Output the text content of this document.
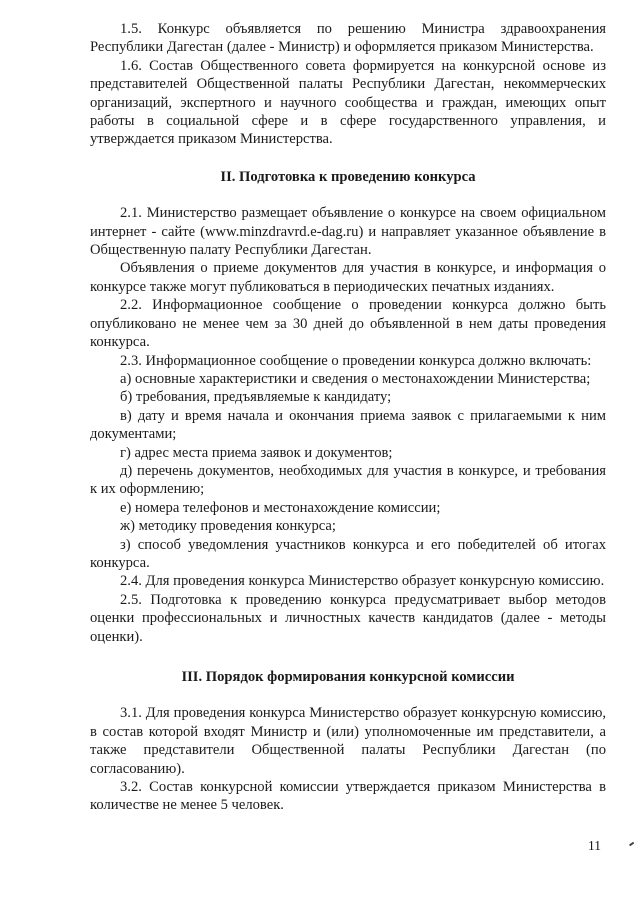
1.5. Конкурс объявляется по решению Министра здравоохранения Республики Дагестан (далее - Министр) и оформляется приказом Министерства.

1.6. Состав Общественного совета формируется на конкурсной основе из представителей Общественной палаты Республики Дагестан, некоммерческих организаций, экспертного и научного сообщества и граждан, имеющих опыт работы в социальной сфере и в сфере государственного управления, и утверждается приказом Министерства.

II. Подготовка к проведению конкурса

2.1. Министерство размещает объявление о конкурсе на своем официальном интернет - сайте (www.minzdravrd.e-dag.ru) и направляет указанное объявление в Общественную палату Республики Дагестан.

Объявления о приеме документов для участия в конкурсе, и информация о конкурсе также могут публиковаться в периодических печатных изданиях.

2.2. Информационное сообщение о проведении конкурса должно быть опубликовано не менее чем за 30 дней до объявленной в нем даты проведения конкурса.

2.3. Информационное сообщение о проведении конкурса должно включать:

а) основные характеристики и сведения о местонахождении Министерства;

б) требования, предъявляемые к кандидату;

в) дату и время начала и окончания приема заявок с прилагаемыми к ним документами;

г) адрес места приема заявок и документов;

д) перечень документов, необходимых для участия в конкурсе, и требования к их оформлению;

е) номера телефонов и местонахождение комиссии;

ж) методику проведения конкурса;

з) способ уведомления участников конкурса и его победителей об итогах конкурса.

2.4. Для проведения конкурса Министерство образует конкурсную комиссию.

2.5. Подготовка к проведению конкурса предусматривает выбор методов оценки профессиональных и личностных качеств кандидатов (далее - методы оценки).

III. Порядок формирования конкурсной комиссии

3.1. Для проведения конкурса Министерство образует конкурсную комиссию, в состав которой входят Министр и (или) уполномоченные им представители, а также представители Общественной палаты Республики Дагестан (по согласованию).

3.2. Состав конкурсной комиссии утверждается приказом Министерства в количестве не менее 5 человек.

11
